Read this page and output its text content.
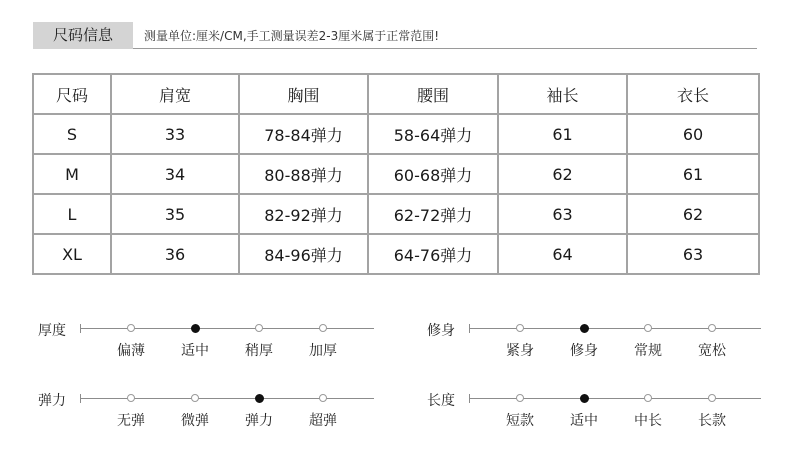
尺码信息	测量单位:厘米/CM,手工测量误差2-3厘米属于正常范围!
尺码	肩宽	胸围	腰围	袖长	衣长
S	33	78-84弹力	58-64弹力	61	60
M	34	80-88弹力	60-68弹力	62	61
L	35	82-92弹力	62-72弹力	63	62
XL	36	84-96弹力	64-76弹力	64	63
厚度
偏薄	适中	稍厚	加厚
修身
紧身	修身	常规	宽松
弹力
无弹	微弹	弹力	超弹
长度
短款	适中	中长	长款
